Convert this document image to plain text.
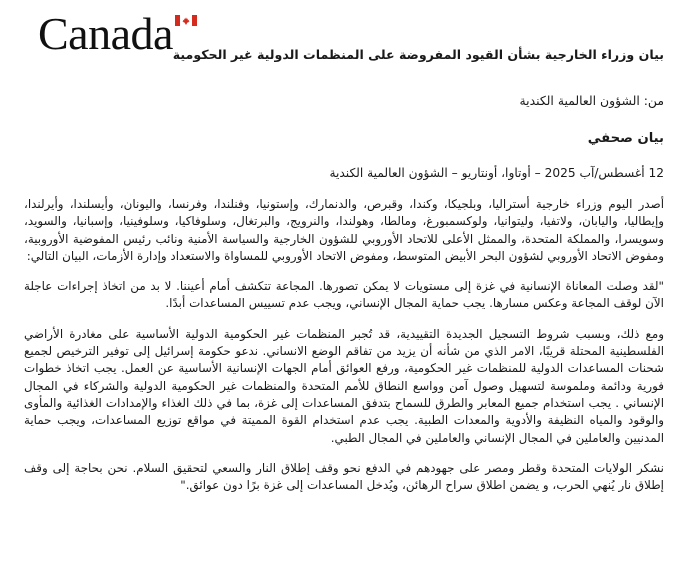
Canada بيان وزراء الخارجية بشأن القيود المفروضة على المنظمات الدولية غير الحكومية
من: الشؤون العالمية الكندية
بيان صحفي
12 أغسطس/آب 2025 – أوتاوا، أونتاريو – الشؤون العالمية الكندية

أصدر اليوم وزراء خارجية أستراليا، وبلجيكا، وكندا، وقبرص، والدنمارك، وإستونيا، وفنلندا، وفرنسا، واليونان، وأيسلندا، وأيرلندا، وإيطاليا، واليابان، ولاتفيا، وليتوانيا، ولوكسمبورغ، ومالطا، وهولندا، والنرويج، والبرتغال، وسلوفاكيا، وسلوفينيا، وإسبانيا، والسويد، وسويسرا، والمملكة المتحدة، والممثل الأعلى للاتحاد الأوروبي للشؤون الخارجية والسياسة الأمنية ونائب رئيس المفوضية الأوروبية، ومفوض الاتحاد الأوروبي لشؤون البحر الأبيض المتوسط، ومفوض الاتحاد الأوروبي للمساواة والاستعداد وإدارة الأزمات، البيان التالي:

"لقد وصلت المعاناة الإنسانية في غزة إلى مستويات لا يمكن تصورها. المجاعة تتكشف أمام أعيننا. لا بد من اتخاذ إجراءات عاجلة الآن لوقف المجاعة وعكس مسارها. يجب حماية المجال الإنساني، ويجب عدم تسييس المساعدات أبدًا.

ومع ذلك، وبسبب شروط التسجيل الجديدة التقييدية، قد تُجبر المنظمات غير الحكومية الدولية الأساسية على مغادرة الأراضي الفلسطينية المحتلة قريبًا، الامر الذي من شأنه أن يزيد من تفاقم الوضع الانساني. ندعو حكومة إسرائيل إلى توفير الترخيص لجميع شحنات المساعدات الدولية للمنظمات غير الحكومية، ورفع العوائق أمام الجهات الإنسانية الأساسية عن العمل. يجب اتخاذ خطوات فورية ودائمة وملموسة لتسهيل وصول آمن وواسع النطاق للأمم المتحدة والمنظمات غير الحكومية الدولية والشركاء في المجال الإنساني . يجب استخدام جميع المعابر والطرق للسماح بتدفق المساعدات إلى غزة، بما في ذلك الغذاء والإمدادات الغذائية والمأوى والوقود والمياه النظيفة والأدوية والمعدات الطبية. يجب عدم استخدام القوة المميتة في مواقع توزيع المساعدات، ويجب حماية المدنيين والعاملين في المجال الإنساني والعاملين في المجال الطبي.

نشكر الولايات المتحدة وقطر ومصر على جهودهم في الدفع نحو وقف إطلاق النار والسعي لتحقيق السلام. نحن بحاجة إلى وقف إطلاق نار يُنهي الحرب، و يضمن اطلاق سراح الرهائن، ويُدخل المساعدات إلى غزة برًا دون عوائق."
